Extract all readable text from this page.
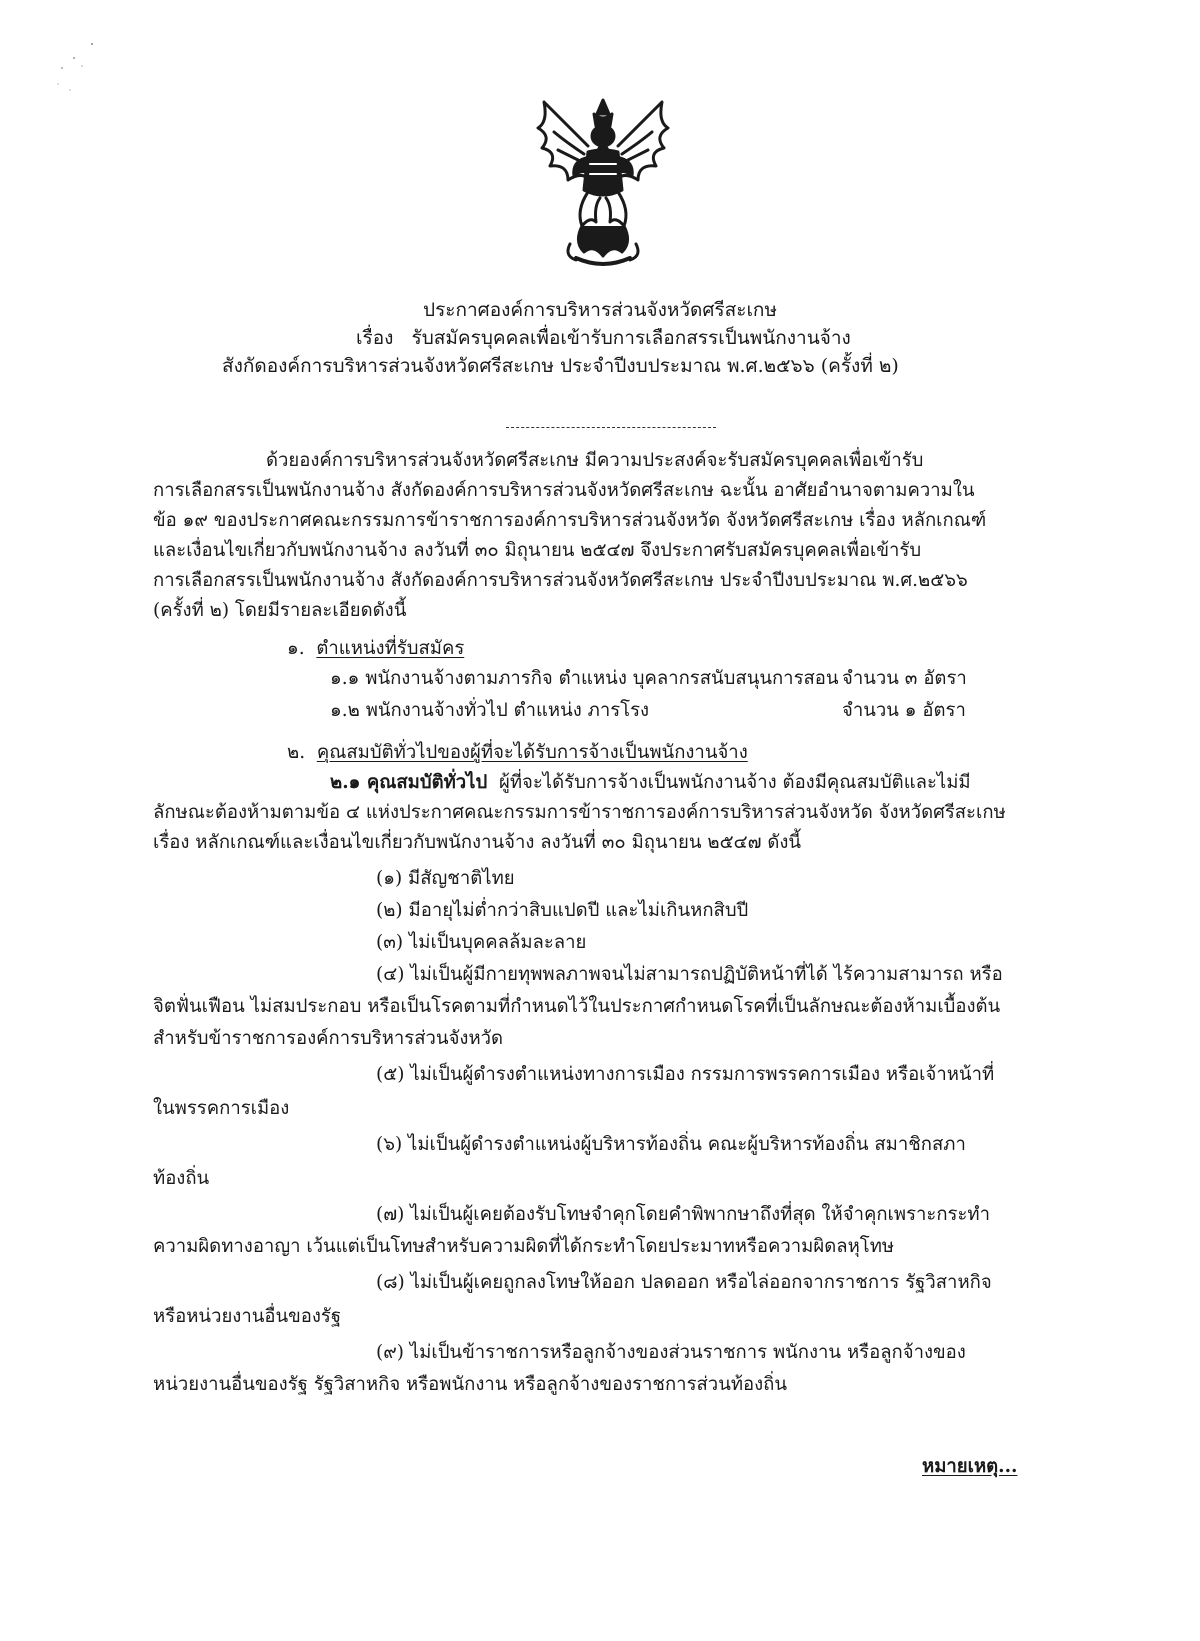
ประกาศองค์การบริหารส่วนจังหวัดศรีสะเกษ
เรื่อง รับสมัครบุคคลเพื่อเข้ารับการเลือกสรรเป็นพนักงานจ้าง
สังกัดองค์การบริหารส่วนจังหวัดศรีสะเกษ ประจำปีงบประมาณ พ.ศ.๒๕๖๖ (ครั้งที่ ๒)
ด้วยองค์การบริหารส่วนจังหวัดศรีสะเกษ มีความประสงค์จะรับสมัครบุคคลเพื่อเข้ารับ
การเลือกสรรเป็นพนักงานจ้าง สังกัดองค์การบริหารส่วนจังหวัดศรีสะเกษ ฉะนั้น อาศัยอำนาจตามความใน
ข้อ ๑๙ ของประกาศคณะกรรมการข้าราชการองค์การบริหารส่วนจังหวัด จังหวัดศรีสะเกษ เรื่อง หลักเกณฑ์
และเงื่อนไขเกี่ยวกับพนักงานจ้าง ลงวันที่ ๓๐ มิถุนายน ๒๕๔๗ จึงประกาศรับสมัครบุคคลเพื่อเข้ารับ
การเลือกสรรเป็นพนักงานจ้าง สังกัดองค์การบริหารส่วนจังหวัดศรีสะเกษ ประจำปีงบประมาณ พ.ศ.๒๕๖๖
(ครั้งที่ ๒) โดยมีรายละเอียดดังนี้
๑. ตำแหน่งที่รับสมัคร
๑.๑ พนักงานจ้างตามภารกิจ ตำแหน่ง บุคลากรสนับสนุนการสอน จำนวน ๓ อัตรา
๑.๒ พนักงานจ้างทั่วไป ตำแหน่ง ภารโรง	จำนวน ๑ อัตรา
๒. คุณสมบัติทั่วไปของผู้ที่จะได้รับการจ้างเป็นพนักงานจ้าง
๒.๑ คุณสมบัติทั่วไป ผู้ที่จะได้รับการจ้างเป็นพนักงานจ้าง ต้องมีคุณสมบัติและไม่มี
ลักษณะต้องห้ามตามข้อ ๔ แห่งประกาศคณะกรรมการข้าราชการองค์การบริหารส่วนจังหวัด จังหวัดศรีสะเกษ
เรื่อง หลักเกณฑ์และเงื่อนไขเกี่ยวกับพนักงานจ้าง ลงวันที่ ๓๐ มิถุนายน ๒๕๔๗ ดังนี้
(๑) มีสัญชาติไทย
(๒) มีอายุไม่ต่ำกว่าสิบแปดปี และไม่เกินหกสิบปี
(๓) ไม่เป็นบุคคลล้มละลาย
(๔) ไม่เป็นผู้มีกายทุพพลภาพจนไม่สามารถปฏิบัติหน้าที่ได้ ไร้ความสามารถ หรือ
จิตฟั่นเฟือน ไม่สมประกอบ หรือเป็นโรคตามที่กำหนดไว้ในประกาศกำหนดโรคที่เป็นลักษณะต้องห้ามเบื้องต้น
สำหรับข้าราชการองค์การบริหารส่วนจังหวัด
(๕) ไม่เป็นผู้ดำรงตำแหน่งทางการเมือง กรรมการพรรคการเมือง หรือเจ้าหน้าที่
ในพรรคการเมือง
(๖) ไม่เป็นผู้ดำรงตำแหน่งผู้บริหารท้องถิ่น คณะผู้บริหารท้องถิ่น สมาชิกสภา
ท้องถิ่น
(๗) ไม่เป็นผู้เคยต้องรับโทษจำคุกโดยคำพิพากษาถึงที่สุด ให้จำคุกเพราะกระทำ
ความผิดทางอาญา เว้นแต่เป็นโทษสำหรับความผิดที่ได้กระทำโดยประมาทหรือความผิดลหุโทษ
(๘) ไม่เป็นผู้เคยถูกลงโทษให้ออก ปลดออก หรือไล่ออกจากราชการ รัฐวิสาหกิจ
หรือหน่วยงานอื่นของรัฐ
(๙) ไม่เป็นข้าราชการหรือลูกจ้างของส่วนราชการ พนักงาน หรือลูกจ้างของ
หน่วยงานอื่นของรัฐ รัฐวิสาหกิจ หรือพนักงาน หรือลูกจ้างของราชการส่วนท้องถิ่น
หมายเหตุ...
